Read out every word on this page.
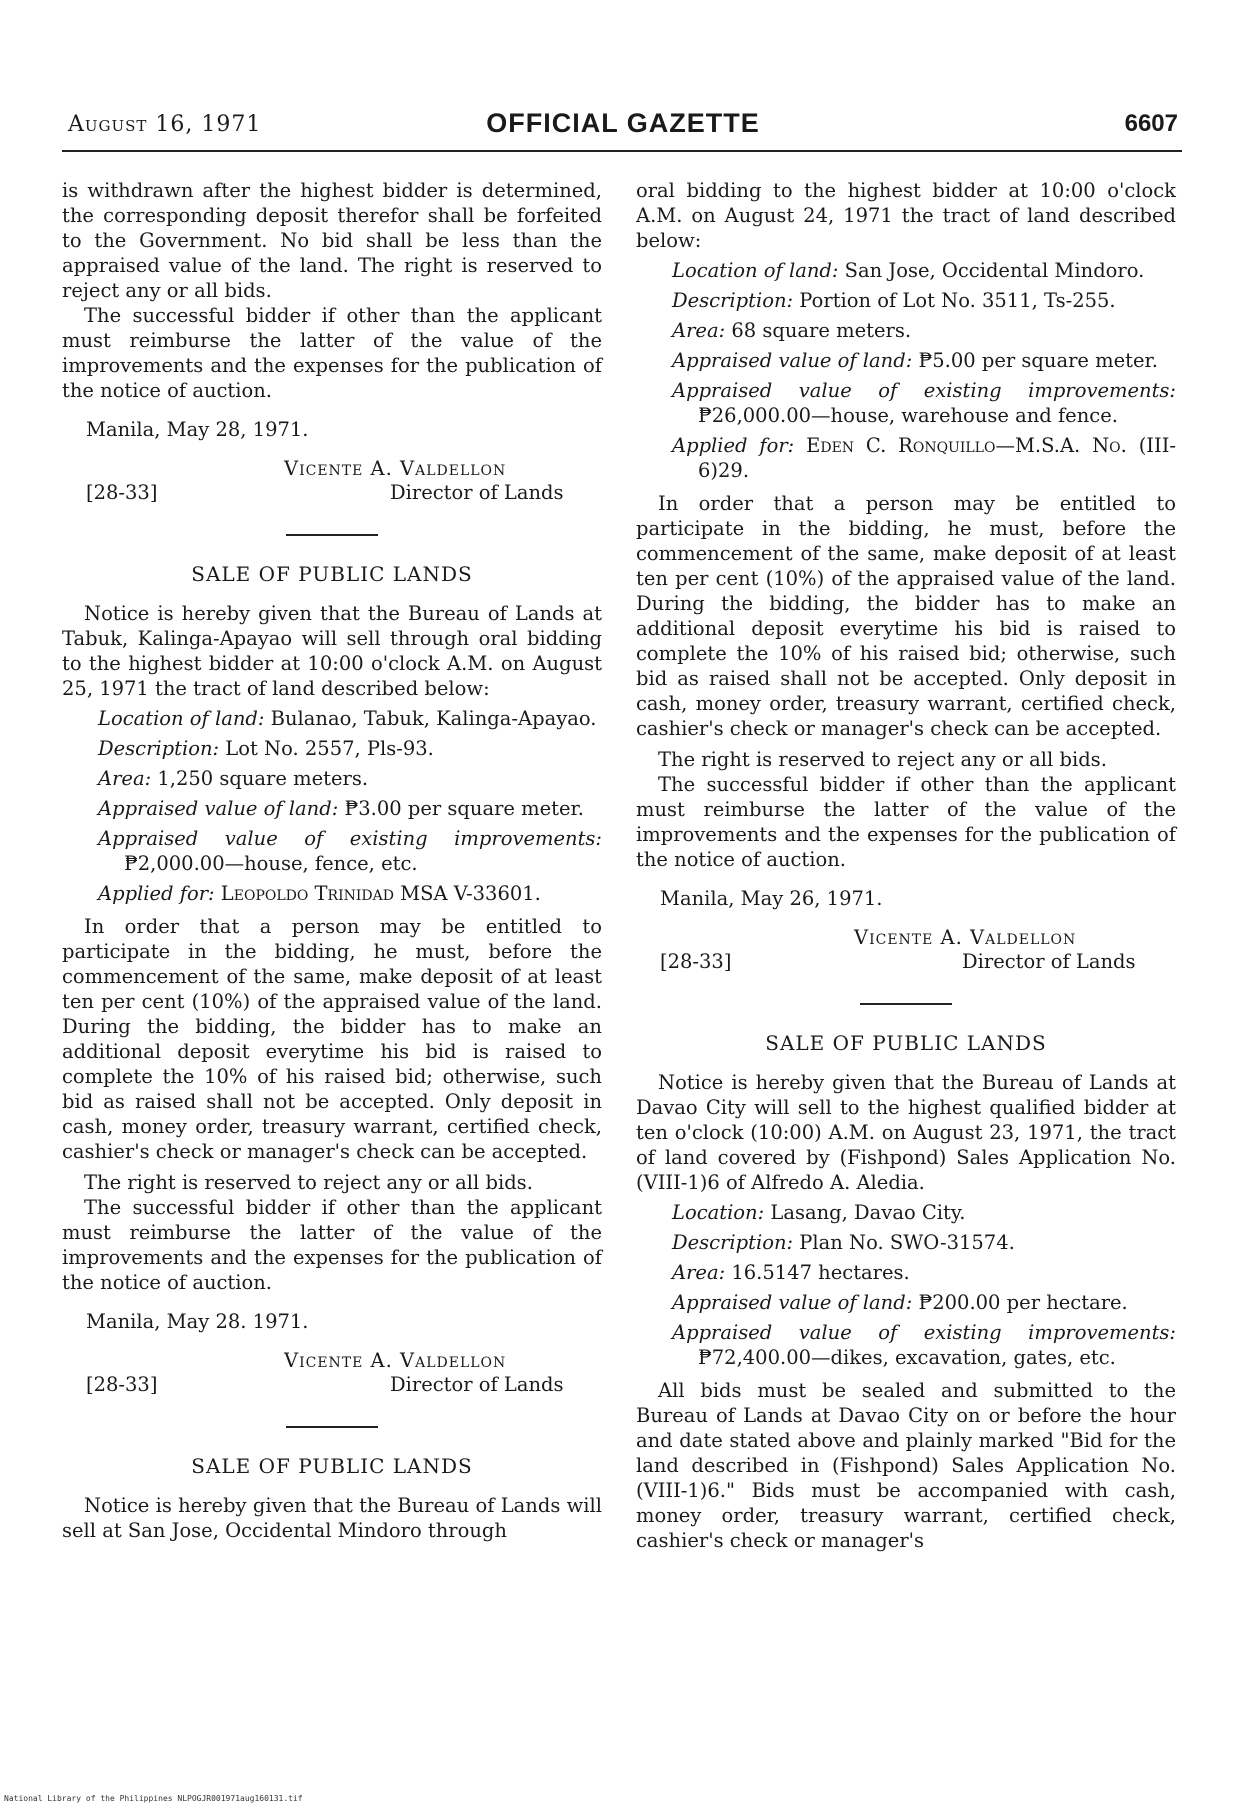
August 16, 1971	OFFICIAL GAZETTE	6607

is withdrawn after the highest bidder is determined, the corresponding deposit therefor shall be forfeited to the Government. No bid shall be less than the appraised value of the land. The right is reserved to reject any or all bids.

The successful bidder if other than the applicant must reimburse the latter of the value of the improvements and the expenses for the publication of the notice of auction.

Manila, May 28, 1971.

[28-33]
Vicente A. Valdellon
Director of Lands
SALE OF PUBLIC LANDS

Notice is hereby given that the Bureau of Lands at Tabuk, Kalinga-Apayao will sell through oral bidding to the highest bidder at 10:00 o'clock A.M. on August 25, 1971 the tract of land described below:

Location of land: Bulanao, Tabuk, Kalinga-Apayao.

Description: Lot No. 2557, Pls-93.

Area: 1,250 square meters.

Appraised value of land: ₱3.00 per square meter.

Appraised value of existing improvements: ₱2,000.00—house, fence, etc.

Applied for: Leopoldo Trinidad MSA V-33601.

In order that a person may be entitled to participate in the bidding, he must, before the commencement of the same, make deposit of at least ten per cent (10%) of the appraised value of the land. During the bidding, the bidder has to make an additional deposit everytime his bid is raised to complete the 10% of his raised bid; otherwise, such bid as raised shall not be accepted. Only deposit in cash, money order, treasury warrant, certified check, cashier's check or manager's check can be accepted.

The right is reserved to reject any or all bids.

The successful bidder if other than the applicant must reimburse the latter of the value of the improvements and the expenses for the publication of the notice of auction.

Manila, May 28. 1971.

[28-33]
Vicente A. Valdellon
Director of Lands
SALE OF PUBLIC LANDS

Notice is hereby given that the Bureau of Lands will sell at San Jose, Occidental Mindoro through

oral bidding to the highest bidder at 10:00 o'clock A.M. on August 24, 1971 the tract of land described below:

Location of land: San Jose, Occidental Mindoro.

Description: Portion of Lot No. 3511, Ts-255.

Area: 68 square meters.

Appraised value of land: ₱5.00 per square meter.

Appraised value of existing improvements: ₱26,000.00—house, warehouse and fence.

Applied for: Eden C. Ronquillo—M.S.A. No. (III-6)29.

In order that a person may be entitled to participate in the bidding, he must, before the commencement of the same, make deposit of at least ten per cent (10%) of the appraised value of the land. During the bidding, the bidder has to make an additional deposit everytime his bid is raised to complete the 10% of his raised bid; otherwise, such bid as raised shall not be accepted. Only deposit in cash, money order, treasury warrant, certified check, cashier's check or manager's check can be accepted.

The right is reserved to reject any or all bids.

The successful bidder if other than the applicant must reimburse the latter of the value of the improvements and the expenses for the publication of the notice of auction.

Manila, May 26, 1971.

[28-33]
Vicente A. Valdellon
Director of Lands
SALE OF PUBLIC LANDS

Notice is hereby given that the Bureau of Lands at Davao City will sell to the highest qualified bidder at ten o'clock (10:00) A.M. on August 23, 1971, the tract of land covered by (Fishpond) Sales Application No. (VIII-1)6 of Alfredo A. Aledia.

Location: Lasang, Davao City.

Description: Plan No. SWO-31574.

Area: 16.5147 hectares.

Appraised value of land: ₱200.00 per hectare.

Appraised value of existing improvements: ₱72,400.00—dikes, excavation, gates, etc.

All bids must be sealed and submitted to the Bureau of Lands at Davao City on or before the hour and date stated above and plainly marked "Bid for the land described in (Fishpond) Sales Application No. (VIII-1)6." Bids must be accompanied with cash, money order, treasury warrant, certified check, cashier's check or manager's

National Library of the Philippines NLPOGJR001971aug160131.tif
